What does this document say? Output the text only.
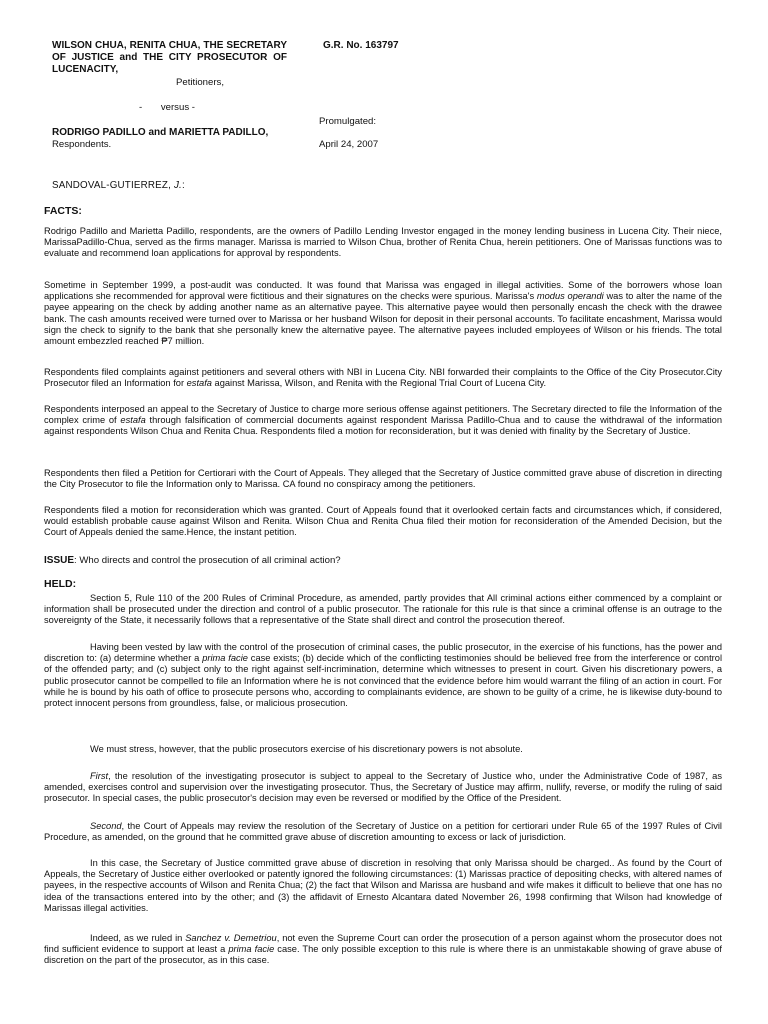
WILSON CHUA, RENITA CHUA, THE SECRETARY OF JUSTICE and THE CITY PROSECUTOR OF LUCENACITY,
G.R. No. 163797
Petitioners,
-       versus -
Promulgated:
RODRIGO PADILLO and MARIETTA PADILLO,
Respondents.	April 24, 2007
SANDOVAL-GUTIERREZ, J.:
FACTS:
Rodrigo Padillo and Marietta Padillo, respondents, are the owners of Padillo Lending Investor engaged in the money lending business in Lucena City. Their niece, MarissaPadillo-Chua, served as the firms manager. Marissa is married to Wilson Chua, brother of Renita Chua, herein petitioners. One of Marissas functions was to evaluate and recommend loan applications for approval by respondents.
Sometime in September 1999, a post-audit was conducted. It was found that Marissa was engaged in illegal activities. Some of the borrowers whose loan applications she recommended for approval were fictitious and their signatures on the checks were spurious. Marissa's modus operandi was to alter the name of the payee appearing on the check by adding another name as an alternative payee. This alternative payee would then personally encash the check with the drawee bank. The cash amounts received were turned over to Marissa or her husband Wilson for deposit in their personal accounts. To facilitate encashment, Marissa would sign the check to signify to the bank that she personally knew the alternative payee. The alternative payees included employees of Wilson or his friends. The total amount embezzled reached ₱7 million.
Respondents filed complaints against petitioners and several others with NBI in Lucena City. NBI forwarded their complaints to the Office of the City Prosecutor.City Prosecutor filed an Information for estafa against Marissa, Wilson, and Renita with the Regional Trial Court of Lucena City.
Respondents interposed an appeal to the Secretary of Justice to charge more serious offense against petitioners. The Secretary directed to file the Information of the complex crime of estafa through falsification of commercial documents against respondent Marissa Padillo-Chua and to cause the withdrawal of the information against respondents Wilson Chua and Renita Chua. Respondents filed a motion for reconsideration, but it was denied with finality by the Secretary of Justice.
Respondents then filed a Petition for Certiorari with the Court of Appeals. They alleged that the Secretary of Justice committed grave abuse of discretion in directing the City Prosecutor to file the Information only to Marissa. CA found no conspiracy among the petitioners.
Respondents filed a motion for reconsideration which was granted. Court of Appeals found that it overlooked certain facts and circumstances which, if considered, would establish probable cause against Wilson and Renita. Wilson Chua and Renita Chua filed their motion for reconsideration of the Amended Decision, but the Court of Appeals denied the same.Hence, the instant petition.
ISSUE: Who directs and control the prosecution of all criminal action?
HELD:
Section 5, Rule 110 of the 200 Rules of Criminal Procedure, as amended, partly provides that All criminal actions either commenced by a complaint or information shall be prosecuted under the direction and control of a public prosecutor. The rationale for this rule is that since a criminal offense is an outrage to the sovereignty of the State, it necessarily follows that a representative of the State shall direct and control the prosecution thereof.
Having been vested by law with the control of the prosecution of criminal cases, the public prosecutor, in the exercise of his functions, has the power and discretion to: (a) determine whether a prima facie case exists; (b) decide which of the conflicting testimonies should be believed free from the interference or control of the offended party; and (c) subject only to the right against self-incrimination, determine which witnesses to present in court. Given his discretionary powers, a public prosecutor cannot be compelled to file an Information where he is not convinced that the evidence before him would warrant the filing of an action in court. For while he is bound by his oath of office to prosecute persons who, according to complainants evidence, are shown to be guilty of a crime, he is likewise duty-bound to protect innocent persons from groundless, false, or malicious prosecution.
We must stress, however, that the public prosecutors exercise of his discretionary powers is not absolute.
First, the resolution of the investigating prosecutor is subject to appeal to the Secretary of Justice who, under the Administrative Code of 1987, as amended, exercises control and supervision over the investigating prosecutor. Thus, the Secretary of Justice may affirm, nullify, reverse, or modify the ruling of said prosecutor. In special cases, the public prosecutor's decision may even be reversed or modified by the Office of the President.
Second, the Court of Appeals may review the resolution of the Secretary of Justice on a petition for certiorari under Rule 65 of the 1997 Rules of Civil Procedure, as amended, on the ground that he committed grave abuse of discretion amounting to excess or lack of jurisdiction.
In this case, the Secretary of Justice committed grave abuse of discretion in resolving that only Marissa should be charged.. As found by the Court of Appeals, the Secretary of Justice either overlooked or patently ignored the following circumstances: (1) Marissas practice of depositing checks, with altered names of payees, in the respective accounts of Wilson and Renita Chua; (2) the fact that Wilson and Marissa are husband and wife makes it difficult to believe that one has no idea of the transactions entered into by the other; and (3) the affidavit of Ernesto Alcantara dated November 26, 1998 confirming that Wilson had knowledge of Marissas illegal activities.
Indeed, as we ruled in Sanchez v. Demetriou, not even the Supreme Court can order the prosecution of a person against whom the prosecutor does not find sufficient evidence to support at least a prima facie case. The only possible exception to this rule is where there is an unmistakable showing of grave abuse of discretion on the part of the prosecutor, as in this case.
